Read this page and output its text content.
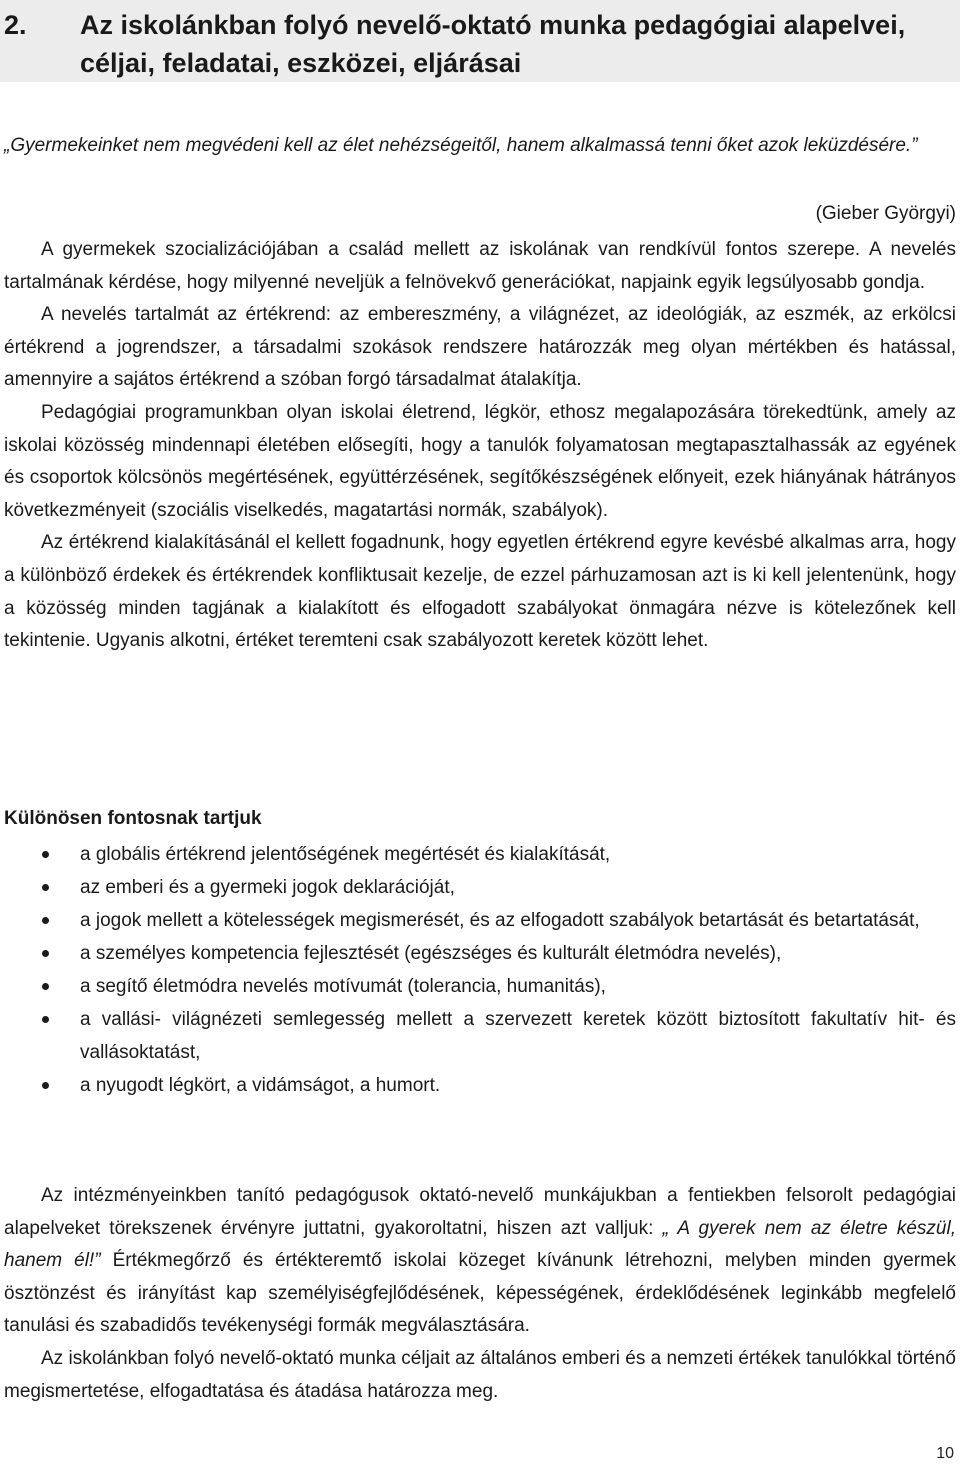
2. Az iskolánkban folyó nevelő-oktató munka pedagógiai alapelvei, céljai, feladatai, eszközei, eljárásai
„Gyermekeinket nem megvédeni kell az élet nehézségeitől, hanem alkalmassá tenni őket azok leküzdésére.”
(Gieber Györgyi)

A gyermekek szocializációjában a család mellett az iskolának van rendkívül fontos szerepe. A nevelés tartalmának kérdése, hogy milyenné neveljük a felnövekvő generációkat, napjaink egyik legsúlyosabb gondja.

A nevelés tartalmát az értékrend: az embereszmény, a világnézet, az ideológiák, az eszmék, az erkölcsi értékrend a jogrendszer, a társadalmi szokások rendszere határozzák meg olyan mértékben és hatással, amennyire a sajátos értékrend a szóban forgó társadalmat átalakítja.

Pedagógiai programunkban olyan iskolai életrend, légkör, ethosz megalapozására törekedtünk, amely az iskolai közösség mindennapi életében elősegíti, hogy a tanulók folyamatosan megtapasztalhassák az egyének és csoportok kölcsönös megértésének, együttérzésének, segítőkészségének előnyeit, ezek hiányának hátrányos következményeit (szociális viselkedés, magatartási normák, szabályok).

Az értékrend kialakításánál el kellett fogadnunk, hogy egyetlen értékrend egyre kevésbé alkalmas arra, hogy a különböző érdekek és értékrendek konfliktusait kezelje, de ezzel párhuzamosan azt is ki kell jelentenünk, hogy a közösség minden tagjának a kialakított és elfogadott szabályokat önmagára nézve is kötelezőnek kell tekintenie. Ugyanis alkotni, értéket teremteni csak szabályozott keretek között lehet.

Különösen fontosnak tartjuk
a globális értékrend jelentőségének megértését és kialakítását,
az emberi és a gyermeki jogok deklarációját,
a jogok mellett a kötelességek megismerését, és az elfogadott szabályok betartását és betartatását,
a személyes kompetencia fejlesztését (egészséges és kulturált életmódra nevelés),
a segítő életmódra nevelés motívumát (tolerancia, humanitás),
a vallási- világnézeti semlegesség mellett a szervezett keretek között biztosított fakultatív hit- és vallásoktatást,
a nyugodt légkört, a vidámságot, a humort.

Az intézményeinkben tanító pedagógusok oktató-nevelő munkájukban a fentiekben felsorolt pedagógiai alapelveket törekszenek érvényre juttatni, gyakoroltatni, hiszen azt valljuk: „ A gyerek nem az életre készül, hanem él!” Értékmegőrző és értékteremtő iskolai közeget kívánunk létrehozni, melyben minden gyermek ösztönzést és irányítást kap személyiségfejlődésének, képességének, érdeklődésének leginkább megfelelő tanulási és szabadidős tevékenységi formák megválasztására.

Az iskolánkban folyó nevelő-oktató munka céljait az általános emberi és a nemzeti értékek tanulókkal történő megismertetése, elfogadtatása és átadása határozza meg.

10
